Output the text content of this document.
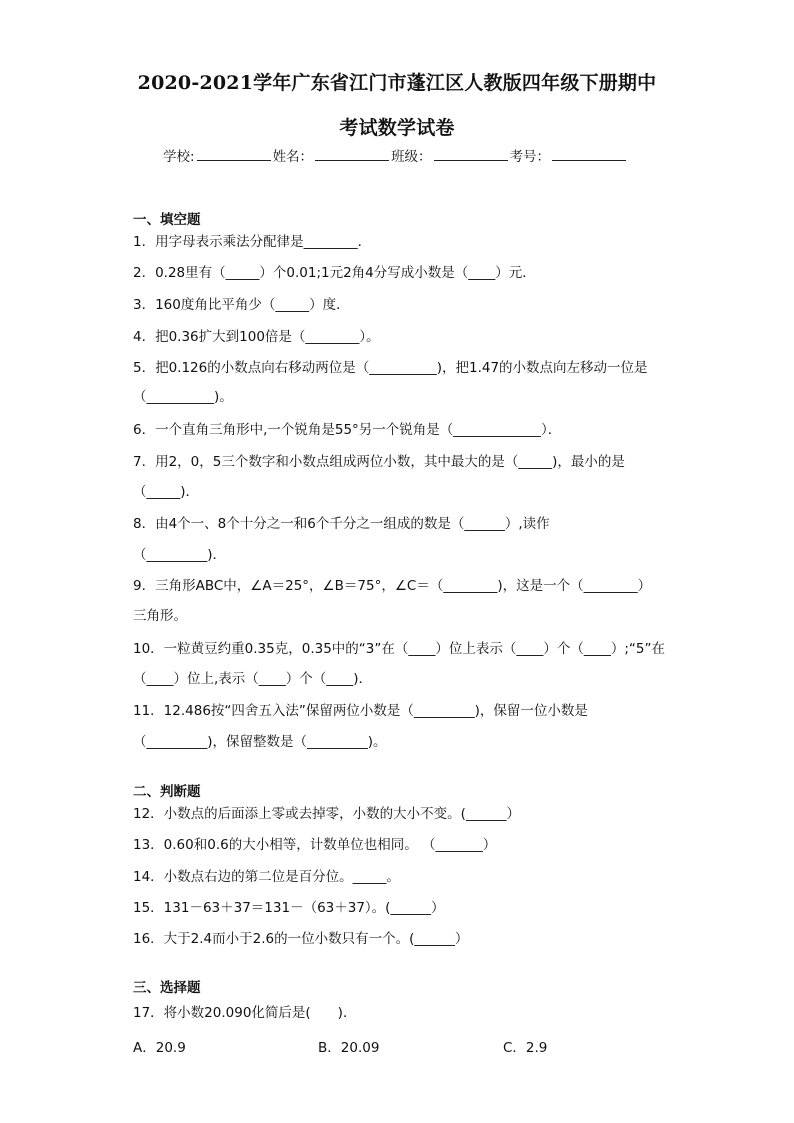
2020-2021学年广东省江门市蓬江区人教版四年级下册期中
考试数学试卷
学校:	姓名：	班级：	考号：
一、填空题
1．用字母表示乘法分配律是________．
2．0.28里有（_____）个0.01;1元2角4分写成小数是（____）元．
3．160度角比平角少（_____）度．
4．把0.36扩大到100倍是（________）。
5．把0.126的小数点向右移动两位是（__________)，把1.47的小数点向左移动一位是
（__________)。
6．一个直角三角形中,一个锐角是55°另一个锐角是（_____________）．
7．用2，0，5三个数字和小数点组成两位小数，其中最大的是（_____)，最小的是
（_____)．
8．由4个一、8个十分之一和6个千分之一组成的数是（______）,读作
（_________)．
9．三角形ABC中，∠A＝25°，∠B＝75°，∠C＝（________)，这是一个（________）
三角形。
10．一粒黄豆约重0.35克，0.35中的“3”在（____）位上表示（____）个（____）;“5”在
（____）位上,表示（____）个（____)．
11．12.486按“四舍五入法”保留两位小数是（_________)，保留一位小数是
（_________)，保留整数是（_________)。
二、判断题
12．小数点的后面添上零或去掉零，小数的大小不变。(______）
13．0.60和0.6的大小相等，计数单位也相同。 （_______）
14．小数点右边的第二位是百分位。_____。
15．131－63＋37＝131－（63＋37）。(______）
16．大于2.4而小于2.6的一位小数只有一个。(______）
三、选择题
17．将小数20.090化简后是(　　)．
A．20.9	B．20.09	C．2.9
